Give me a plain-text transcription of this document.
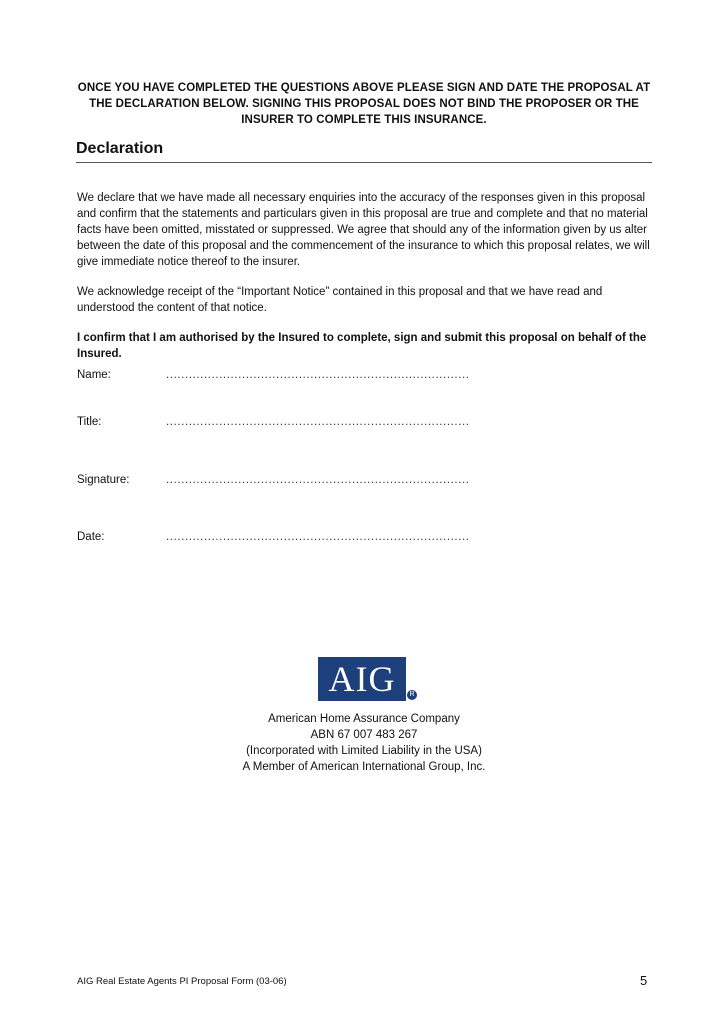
ONCE YOU HAVE COMPLETED THE QUESTIONS ABOVE PLEASE SIGN AND DATE THE PROPOSAL AT
THE DECLARATION BELOW. SIGNING THIS PROPOSAL DOES NOT BIND THE PROPOSER OR THE
INSURER TO COMPLETE THIS INSURANCE.
Declaration

We declare that we have made all necessary enquiries into the accuracy of the responses given in this proposal and confirm that the statements and particulars given in this proposal are true and complete and that no material facts have been omitted, misstated or suppressed. We agree that should any of the information given by us alter between the date of this proposal and the commencement of the insurance to which this proposal relates, we will give immediate notice thereof to the insurer.

We acknowledge receipt of the “Important Notice” contained in this proposal and that we have read and understood the content of that notice.

I confirm that I am authorised by the Insured to complete, sign and submit this proposal on behalf of the Insured.

Name:	................................................................................
Title:	................................................................................
Signature:	................................................................................
Date:	................................................................................
AIG	R
American Home Assurance Company
ABN 67 007 483 267
(Incorporated with Limited Liability in the USA)
A Member of American International Group, Inc.
AIG Real Estate Agents PI Proposal Form (03-06)	5
